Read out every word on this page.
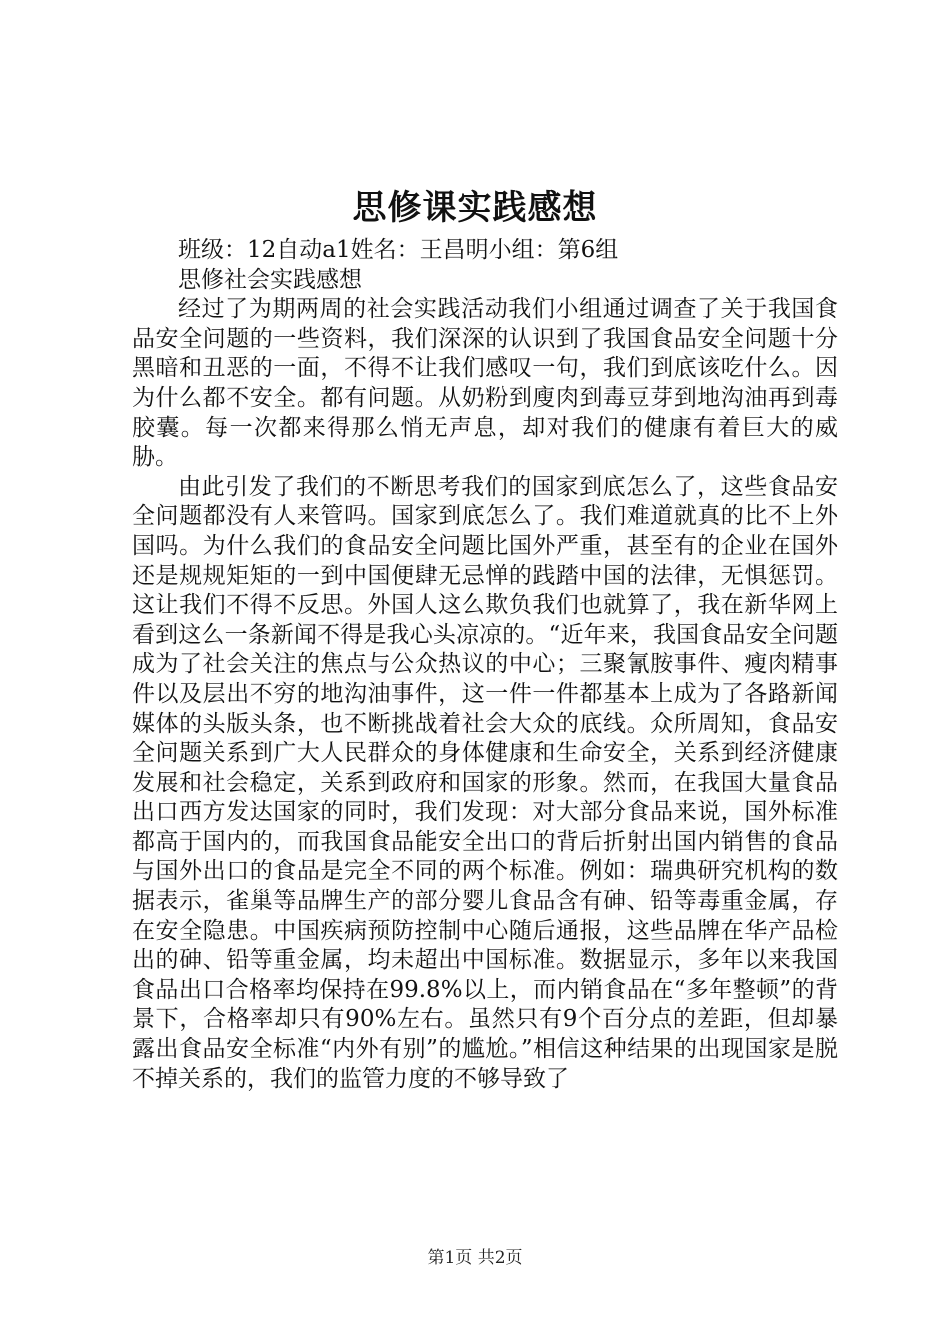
思修课实践感想

班级：12自动a1姓名：王昌明小组：第6组

思修社会实践感想

经过了为期两周的社会实践活动我们小组通过调查了关于我国食品安全问题的一些资料，我们深深的认识到了我国食品安全问题十分黑暗和丑恶的一面，不得不让我们感叹一句，我们到底该吃什么。因为什么都不安全。都有问题。从奶粉到廋肉到毒豆芽到地沟油再到毒胶囊。每一次都来得那么悄无声息，却对我们的健康有着巨大的威胁。

由此引发了我们的不断思考我们的国家到底怎么了，这些食品安全问题都没有人来管吗。国家到底怎么了。我们难道就真的比不上外国吗。为什么我们的食品安全问题比国外严重，甚至有的企业在国外还是规规矩矩的一到中国便肆无忌惮的践踏中国的法律，无惧惩罚。这让我们不得不反思。外国人这么欺负我们也就算了，我在新华网上看到这么一条新闻不得是我心头凉凉的。“近年来，我国食品安全问题成为了社会关注的焦点与公众热议的中心；三聚氰胺事件、瘦肉精事件以及层出不穷的地沟油事件，这一件一件都基本上成为了各路新闻媒体的头版头条，也不断挑战着社会大众的底线。众所周知，食品安全问题关系到广大人民群众的身体健康和生命安全，关系到经济健康发展和社会稳定，关系到政府和国家的形象。然而，在我国大量食品出口西方发达国家的同时，我们发现：对大部分食品来说，国外标准都高于国内的，而我国食品能安全出口的背后折射出国内销售的食品与国外出口的食品是完全不同的两个标准。例如：瑞典研究机构的数据表示，雀巢等品牌生产的部分婴儿食品含有砷、铅等毒重金属，存在安全隐患。中国疾病预防控制中心随后通报，这些品牌在华产品检出的砷、铅等重金属，均未超出中国标准。数据显示，多年以来我国食品出口合格率均保持在99.8%以上，而内销食品在“多年整顿”的背景下，合格率却只有90%左右。虽然只有9个百分点的差距，但却暴露出食品安全标准“内外有别”的尴尬。”相信这种结果的出现国家是脱不掉关系的，我们的监管力度的不够导致了

第1页 共2页
